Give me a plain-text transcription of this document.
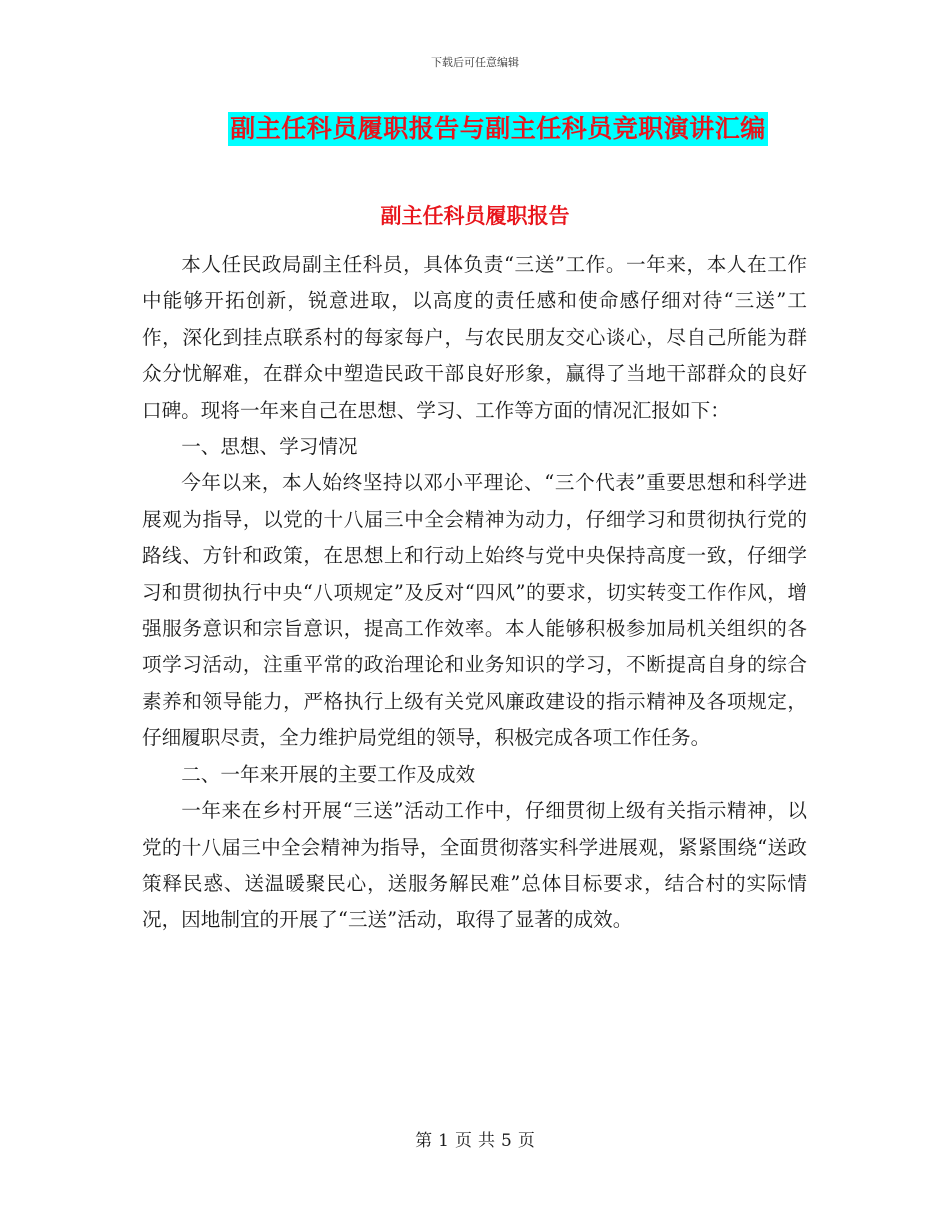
下载后可任意编辑
副主任科员履职报告与副主任科员竞职演讲汇编
副主任科员履职报告

本人任民政局副主任科员，具体负责“三送”工作。一年来，本人在工作中能够开拓创新，锐意进取，以高度的责任感和使命感仔细对待“三送”工作，深化到挂点联系村的每家每户，与农民朋友交心谈心，尽自己所能为群众分忧解难，在群众中塑造民政干部良好形象，赢得了当地干部群众的良好口碑。现将一年来自己在思想、学习、工作等方面的情况汇报如下：

一、思想、学习情况

今年以来，本人始终坚持以邓小平理论、“三个代表”重要思想和科学进展观为指导，以党的十八届三中全会精神为动力，仔细学习和贯彻执行党的路线、方针和政策，在思想上和行动上始终与党中央保持高度一致，仔细学习和贯彻执行中央“八项规定”及反对“四风”的要求，切实转变工作作风，增强服务意识和宗旨意识，提高工作效率。本人能够积极参加局机关组织的各项学习活动，注重平常的政治理论和业务知识的学习，不断提高自身的综合素养和领导能力，严格执行上级有关党风廉政建设的指示精神及各项规定，仔细履职尽责，全力维护局党组的领导，积极完成各项工作任务。

二、一年来开展的主要工作及成效

一年来在乡村开展“三送”活动工作中，仔细贯彻上级有关指示精神，以党的十八届三中全会精神为指导，全面贯彻落实科学进展观，紧紧围绕“送政策释民惑、送温暖聚民心，送服务解民难”总体目标要求，结合村的实际情况，因地制宜的开展了“三送”活动，取得了显著的成效。

第 1 页 共 5 页
